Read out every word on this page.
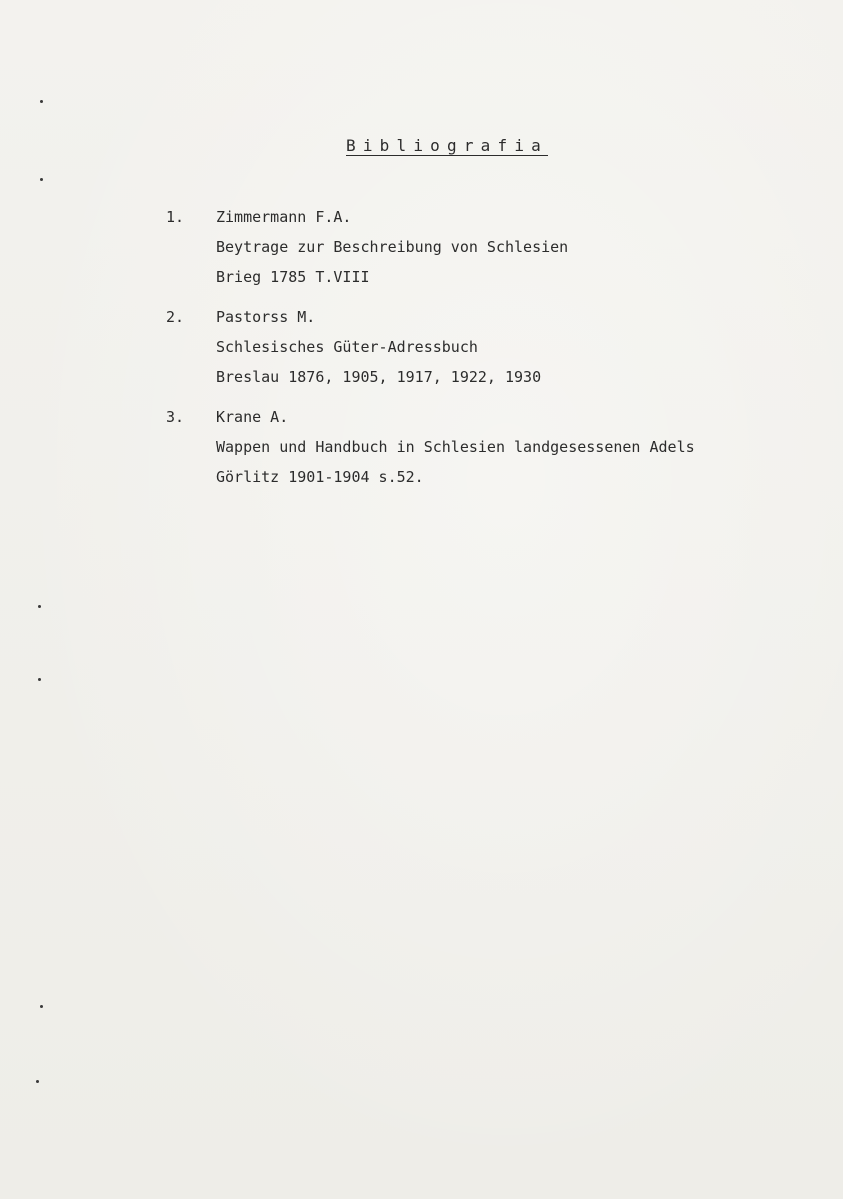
Bibliografia
1. Zimmermann F.A.
Beytrage zur Beschreibung von Schlesien
Brieg 1785 T.VIII
2. Pastorss M.
Schlesisches Güter-Adressbuch
Breslau 1876, 1905, 1917, 1922, 1930
3. Krane A.
Wappen und Handbuch in Schlesien landgesessenen Adels
Görlitz 1901-1904 s.52.
